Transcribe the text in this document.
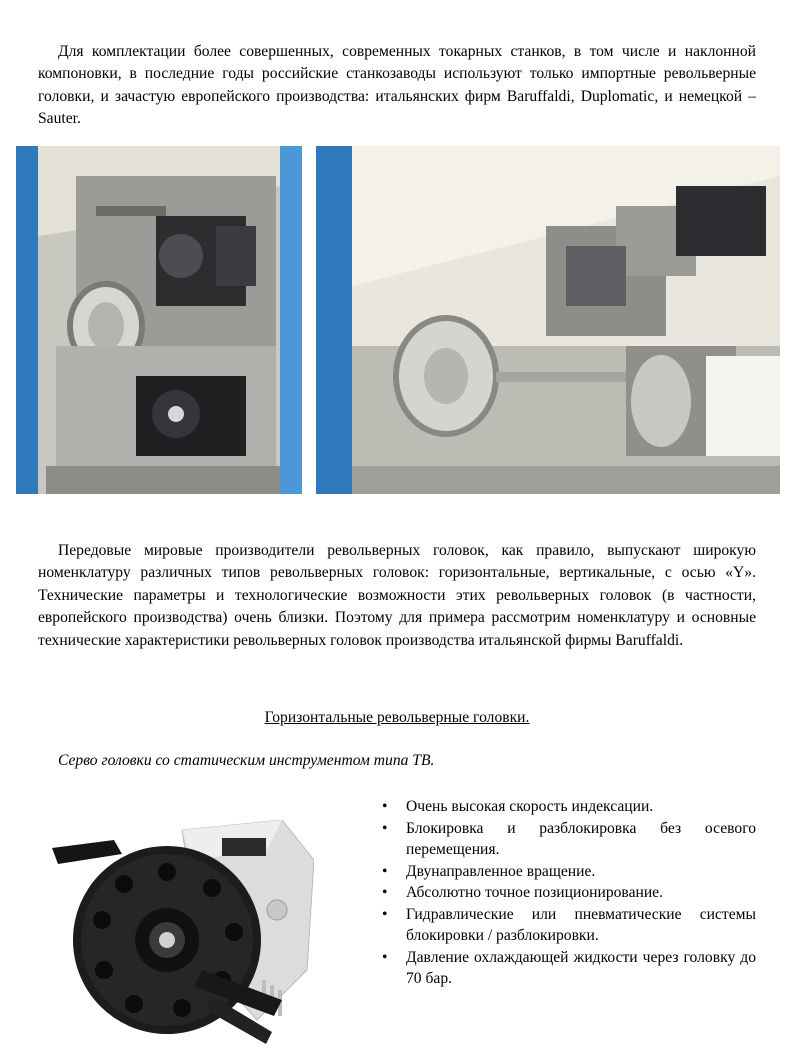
Для комплектации более совершенных, современных токарных станков, в том числе и наклонной компоновки, в последние годы российские станкозаводы используют только импортные револьверные головки, и зачастую европейского производства: итальянских фирм Baruffaldi, Duplomatic, и немецкой – Sauter.

Передовые мировые производители револьверных головок, как правило, выпускают широкую номенклатуру различных типов револьверных головок: горизонтальные, вертикальные, с осью «Y». Технические параметры и технологические возможности этих револьверных головок (в частности, европейского производства) очень близки. Поэтому для примера рассмотрим номенклатуру и основные технические характеристики револьверных головок производства итальянской фирмы Baruffaldi.

Горизонтальные револьверные головки.

Серво головки со статическим инструментом типа TB.

• Очень высокая скорость индексации.
• Блокировка и разблокировка без осевого перемещения.
• Двунаправленное вращение.
• Абсолютно точное позиционирование.
• Гидравлические или пневматические системы блокировки / разблокировки.
• Давление охлаждающей жидкости через головку до 70 бар.
